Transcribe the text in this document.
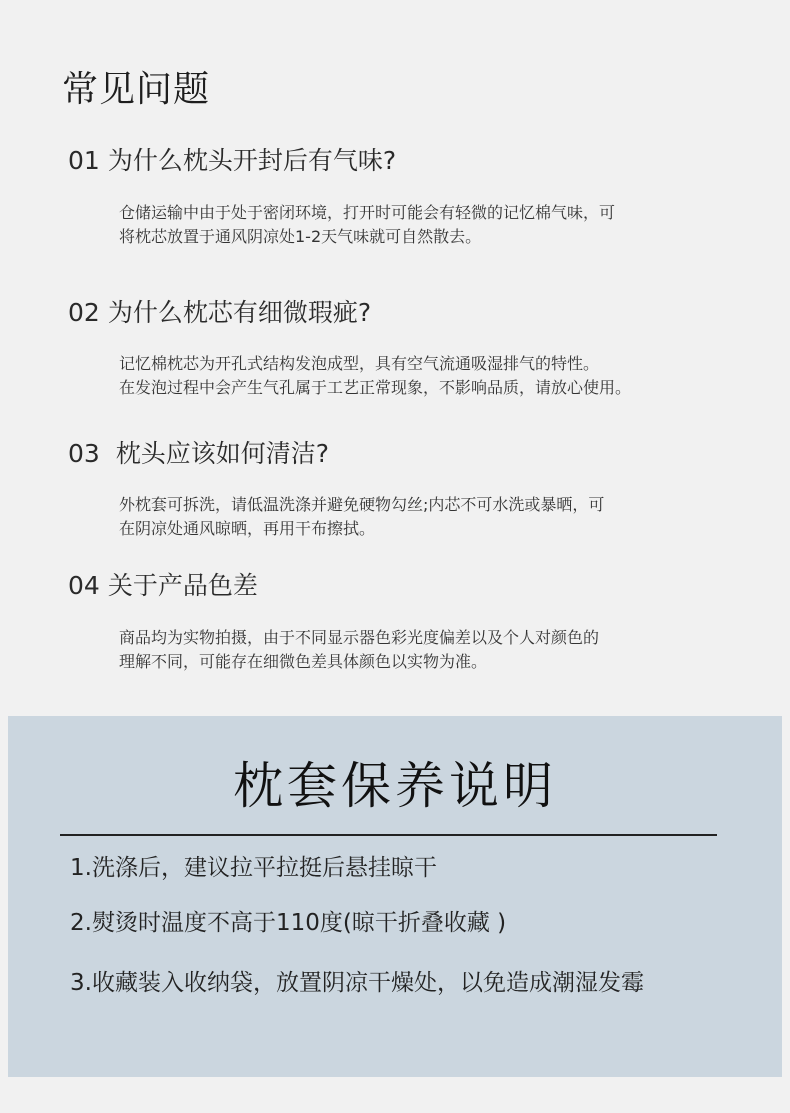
常见问题
01 为什么枕头开封后有气味?
仓储运输中由于处于密闭环境，打开时可能会有轻微的记忆棉气味，可
将枕芯放置于通风阴凉处1-2天气味就可自然散去。
02 为什么枕芯有细微瑕疵?
记忆棉枕芯为开孔式结构发泡成型，具有空气流通吸湿排气的特性。
在发泡过程中会产生气孔属于工艺正常现象，不影响品质，请放心使用。
03 枕头应该如何清洁?
外枕套可拆洗，请低温洗涤并避免硬物勾丝;内芯不可水洗或暴晒，可
在阴凉处通风晾晒，再用干布擦拭。
04 关于产品色差
商品均为实物拍摄，由于不同显示器色彩光度偏差以及个人对颜色的
理解不同，可能存在细微色差具体颜色以实物为准。
枕套保养说明
1.洗涤后，建议拉平拉挺后悬挂晾干
2.熨烫时温度不高于110度(晾干折叠收藏 )
3.收藏装入收纳袋，放置阴凉干燥处，以免造成潮湿发霉
